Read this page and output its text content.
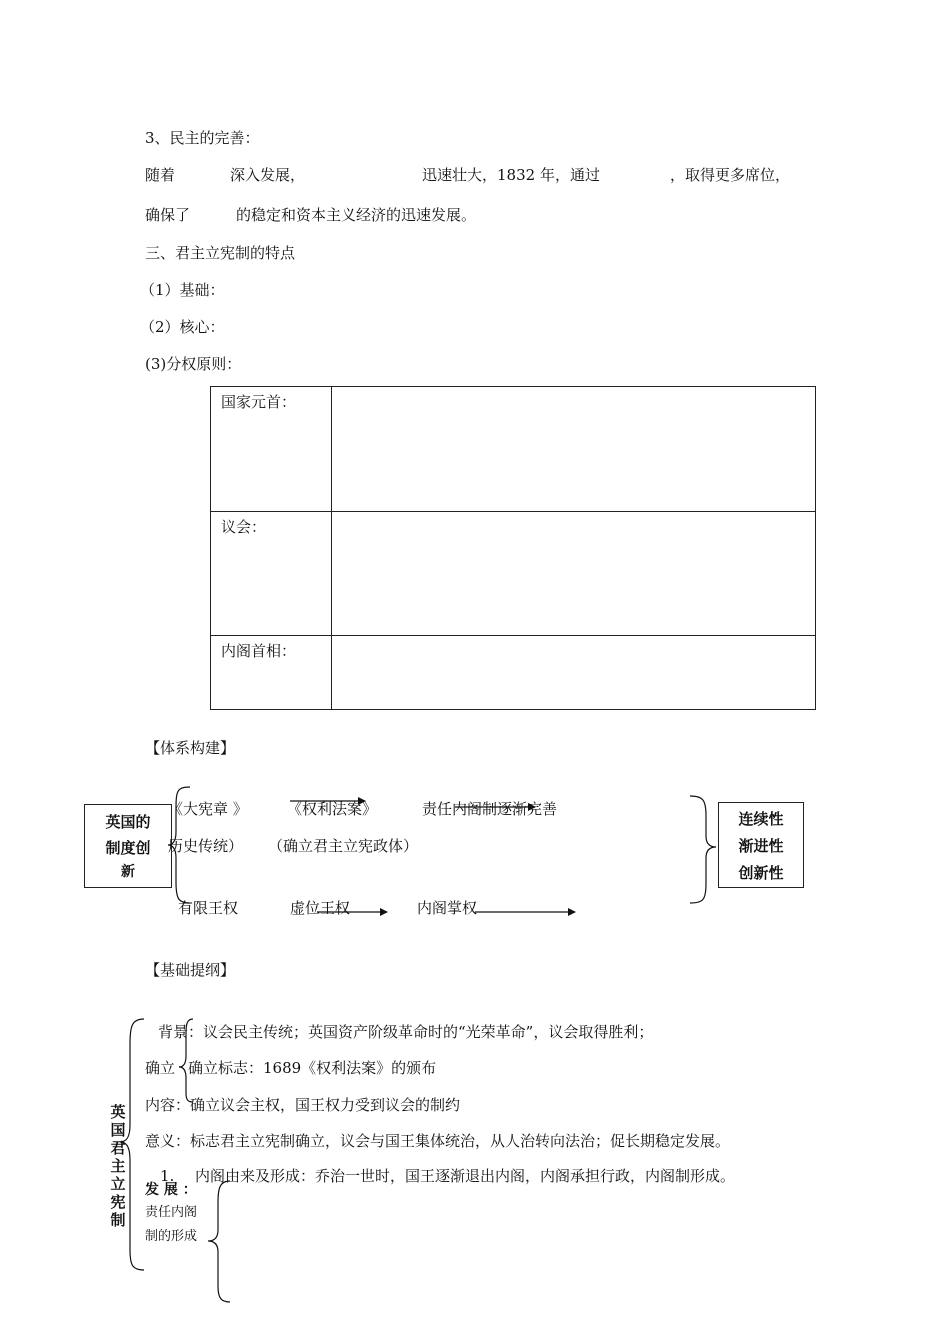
3、民主的完善：
随着	深入发展，	迅速壮大，1832 年，通过	，取得更多席位，
确保了	的稳定和资本主义经济的迅速发展。
三、君主立宪制的特点
（1）基础：
（2）核心：
(3)分权原则：
国家元首：	
议会：	
内阁首相：	
【体系构建】
英国的
制度创
新
《大宪章 》	《权利法案》	责任内阁制逐渐完善
历史传统） （确立君主立宪政体）
有限王权	虚位王权	内阁掌权
连续性
渐进性
创新性
【基础提纲】
英
国
君
主
立
宪
制
背景：议会民主传统；英国资产阶级革命时的“光荣革命”，议会取得胜利；
确立 确立标志：1689《权利法案》的颁布
内容：确立议会主权，国王权力受到议会的制约
意义：标志君主立宪制确立，议会与国王集体统治，从人治转向法治；促长期稳定发展。
1. 内阁由来及形成：乔治一世时，国王逐渐退出内阁，内阁承担行政，内阁制形成。
发 展 ：
责任内阁
制的形成
